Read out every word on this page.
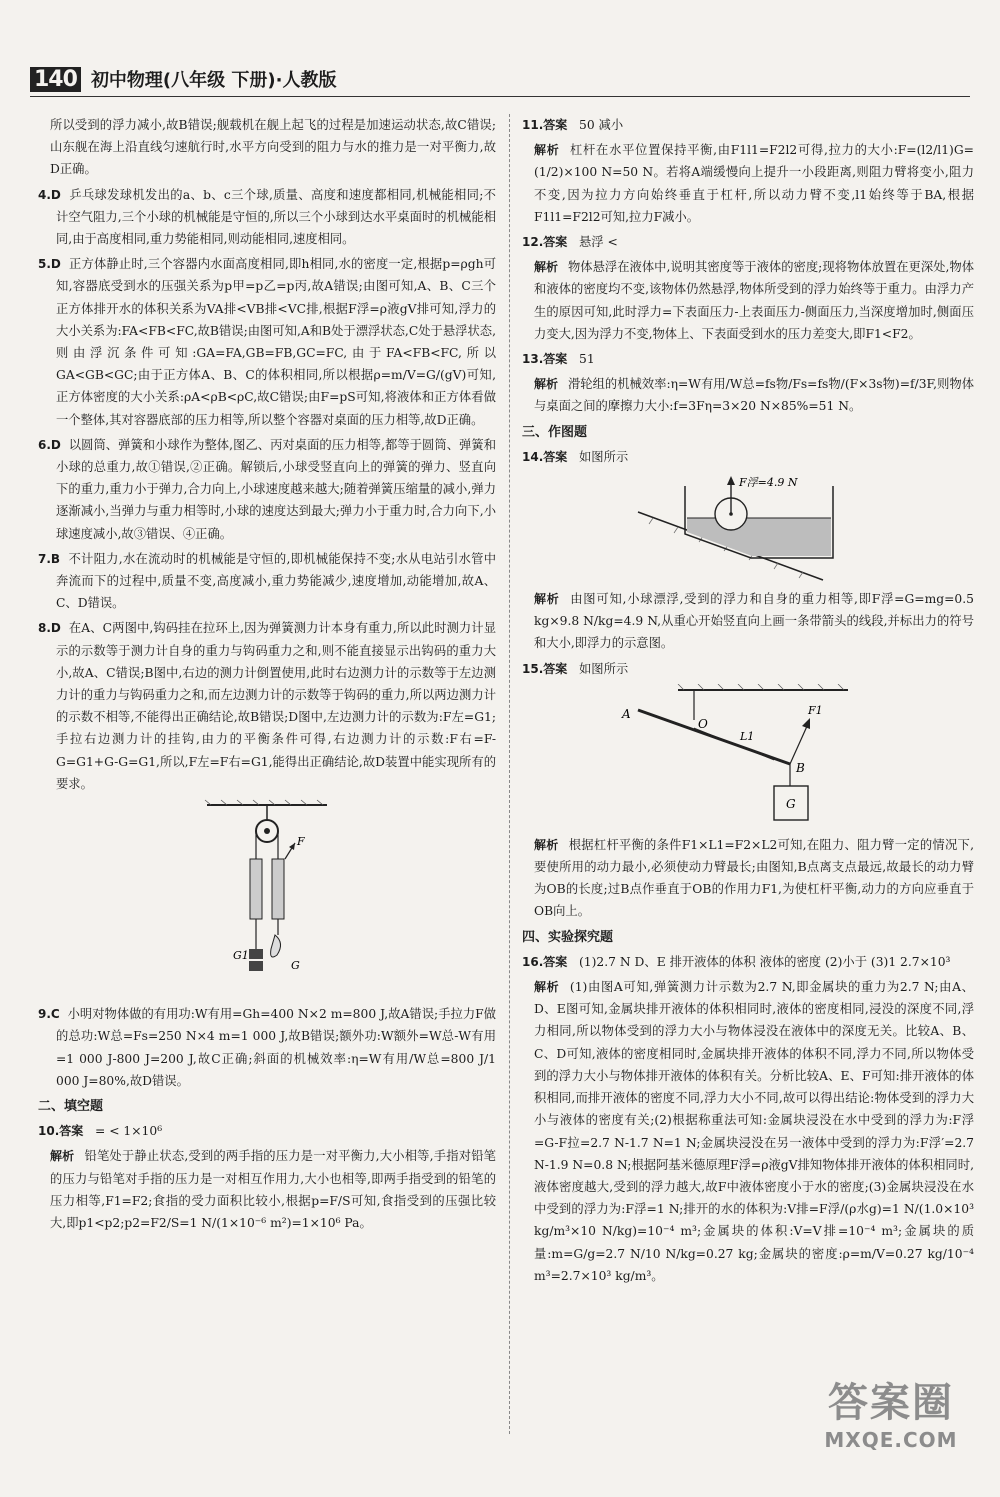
140 初中物理(八年级 下册)·人教版

所以受到的浮力减小,故B错误;舰载机在舰上起飞的过程是加速运动状态,故C错误;山东舰在海上沿直线匀速航行时,水平方向受到的阻力与水的推力是一对平衡力,故D正确。

4.D 乒乓球发球机发出的a、b、c三个球,质量、高度和速度都相同,机械能相同;不计空气阻力,三个小球的机械能是守恒的,所以三个小球到达水平桌面时的机械能相同,由于高度相同,重力势能相同,则动能相同,速度相同。

5.D 正方体静止时,三个容器内水面高度相同,即h相同,水的密度一定,根据p=ρgh可知,容器底受到水的压强关系为p甲=p乙=p丙,故A错误;由图可知,A、B、C三个正方体排开水的体积关系为VA排<VB排<VC排,根据F浮=ρ液gV排可知,浮力的大小关系为:FA<FB<FC,故B错误;由图可知,A和B处于漂浮状态,C处于悬浮状态,则由浮沉条件可知:GA=FA,GB=FB,GC=FC,由于FA<FB<FC,所以GA<GB<GC;由于正方体A、B、C的体积相同,所以根据ρ=m/V=G/(gV)可知,正方体密度的大小关系:ρA<ρB<ρC,故C错误;由F=pS可知,将液体和正方体看做一个整体,其对容器底部的压力相等,所以整个容器对桌面的压力相等,故D正确。

6.D 以圆筒、弹簧和小球作为整体,图乙、丙对桌面的压力相等,都等于圆筒、弹簧和小球的总重力,故①错误,②正确。解锁后,小球受竖直向上的弹簧的弹力、竖直向下的重力,重力小于弹力,合力向上,小球速度越来越大;随着弹簧压缩量的减小,弹力逐渐减小,当弹力与重力相等时,小球的速度达到最大;弹力小于重力时,合力向下,小球速度减小,故③错误、④正确。

7.B 不计阻力,水在流动时的机械能是守恒的,即机械能保持不变;水从电站引水管中奔流而下的过程中,质量不变,高度减小,重力势能减少,速度增加,动能增加,故A、C、D错误。

8.D 在A、C两图中,钩码挂在拉环上,因为弹簧测力计本身有重力,所以此时测力计显示的示数等于测力计自身的重力与钩码重力之和,则不能直接显示出钩码的重力大小,故A、C错误;B图中,右边的测力计倒置使用,此时右边测力计的示数等于左边测力计的重力与钩码重力之和,而左边测力计的示数等于钩码的重力,所以两边测力计的示数不相等,不能得出正确结论,故B错误;D图中,左边测力计的示数为:F左=G1;手拉右边测力计的挂钩,由力的平衡条件可得,右边测力计的示数:F右=F-G=G1+G-G=G1,所以,F左=F右=G1,能得出正确结论,故D装置中能实现所有的要求。

F
G1
G

9.C 小明对物体做的有用功:W有用=Gh=400 N×2 m=800 J,故A错误;手拉力F做的总功:W总=Fs=250 N×4 m=1 000 J,故B错误;额外功:W额外=W总-W有用=1 000 J-800 J=200 J,故C正确;斜面的机械效率:η=W有用/W总=800 J/1 000 J=80%,故D错误。

二、填空题

10.答案 = < 1×10⁶

解析 铅笔处于静止状态,受到的两手指的压力是一对平衡力,大小相等,手指对铅笔的压力与铅笔对手指的压力是一对相互作用力,大小也相等,即两手指受到的铅笔的压力相等,F1=F2;食指的受力面积比较小,根据p=F/S可知,食指受到的压强比较大,即p1<p2;p2=F2/S=1 N/(1×10⁻⁶ m²)=1×10⁶ Pa。

11.答案 50 减小

解析 杠杆在水平位置保持平衡,由F1l1=F2l2可得,拉力的大小:F=(l2/l1)G=(1/2)×100 N=50 N。若将A端缓慢向上提升一小段距离,则阻力臂将变小,阻力不变,因为拉力方向始终垂直于杠杆,所以动力臂不变,l1始终等于BA,根据F1l1=F2l2可知,拉力F减小。

12.答案 悬浮 <

解析 物体悬浮在液体中,说明其密度等于液体的密度;现将物体放置在更深处,物体和液体的密度均不变,该物体仍然悬浮,物体所受到的浮力始终等于重力。由浮力产生的原因可知,此时浮力=下表面压力-上表面压力-侧面压力,当深度增加时,侧面压力变大,因为浮力不变,物体上、下表面受到水的压力差变大,即F1<F2。

13.答案 51

解析 滑轮组的机械效率:η=W有用/W总=fs物/Fs=fs物/(F×3s物)=f/3F,则物体与桌面之间的摩擦力大小:f=3Fη=3×20 N×85%=51 N。

三、作图题

14.答案 如图所示

F浮=4.9 N

解析 由图可知,小球漂浮,受到的浮力和自身的重力相等,即F浮=G=mg=0.5 kg×9.8 N/kg=4.9 N,从重心开始竖直向上画一条带箭头的线段,并标出力的符号和大小,即浮力的示意图。

15.答案 如图所示

A
O
L1
F1
B
G

解析 根据杠杆平衡的条件F1×L1=F2×L2可知,在阻力、阻力臂一定的情况下,要使所用的动力最小,必须使动力臂最长;由图知,B点离支点最远,故最长的动力臂为OB的长度;过B点作垂直于OB的作用力F1,为使杠杆平衡,动力的方向应垂直于OB向上。

四、实验探究题

16.答案 (1)2.7 N D、E 排开液体的体积 液体的密度 (2)小于 (3)1 2.7×10³

解析 (1)由图A可知,弹簧测力计示数为2.7 N,即金属块的重力为2.7 N;由A、D、E图可知,金属块排开液体的体积相同时,液体的密度相同,浸没的深度不同,浮力相同,所以物体受到的浮力大小与物体浸没在液体中的深度无关。比较A、B、C、D可知,液体的密度相同时,金属块排开液体的体积不同,浮力不同,所以物体受到的浮力大小与物体排开液体的体积有关。分析比较A、E、F可知:排开液体的体积相同,而排开液体的密度不同,浮力大小不同,故可以得出结论:物体受到的浮力大小与液体的密度有关;(2)根据称重法可知:金属块浸没在水中受到的浮力为:F浮=G-F拉=2.7 N-1.7 N=1 N;金属块浸没在另一液体中受到的浮力为:F浮′=2.7 N-1.9 N=0.8 N;根据阿基米德原理F浮=ρ液gV排知物体排开液体的体积相同时,液体密度越大,受到的浮力越大,故F中液体密度小于水的密度;(3)金属块浸没在水中受到的浮力为:F浮=1 N;排开的水的体积为:V排=F浮/(ρ水g)=1 N/(1.0×10³ kg/m³×10 N/kg)=10⁻⁴ m³;金属块的体积:V=V排=10⁻⁴ m³;金属块的质量:m=G/g=2.7 N/10 N/kg=0.27 kg;金属块的密度:ρ=m/V=0.27 kg/10⁻⁴ m³=2.7×10³ kg/m³。

答案圈
MXQE.COM
